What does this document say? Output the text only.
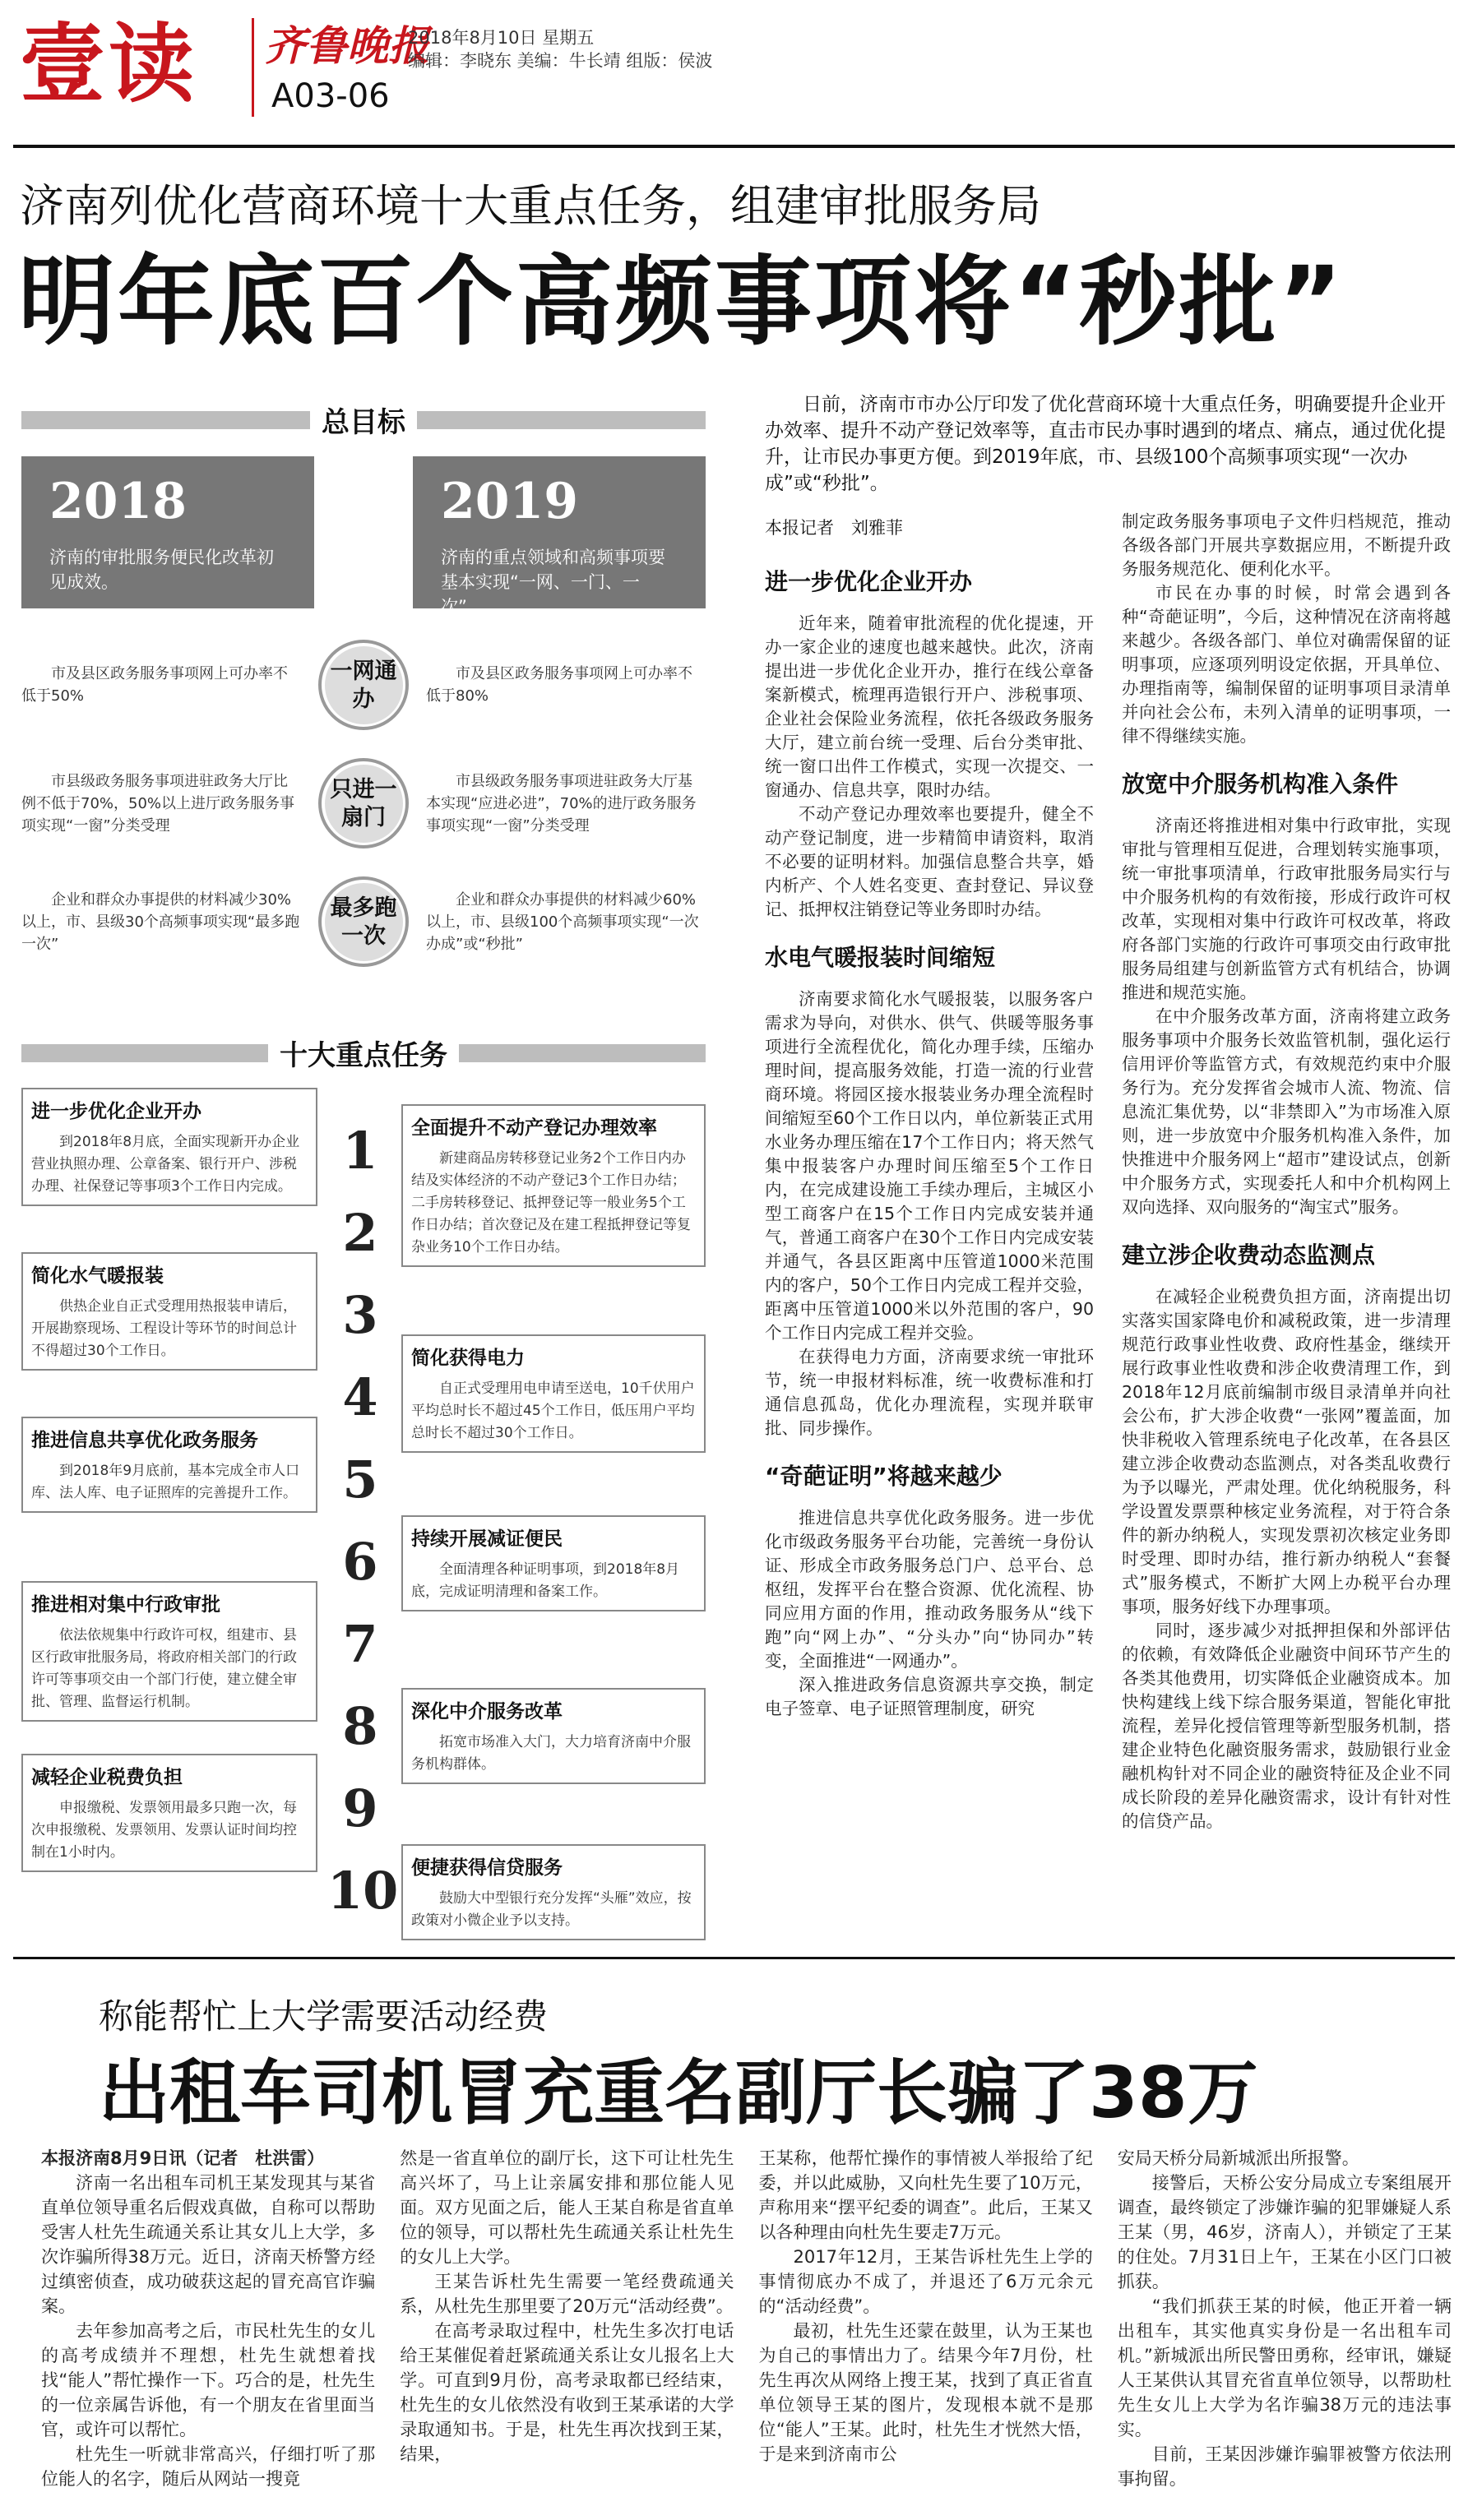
壹读 齐鲁晚报
2018年8月10日 星期五
编辑：李晓东 美编：牛长靖 组版：侯波
A03-06
济南列优化营商环境十大重点任务，组建审批服务局
明年底百个高频事项将“秒批”
总目标
2018
济南的审批服务便民化改革初见成效。
2019
济南的重点领域和高频事项要基本实现“一网、一门、一次”。
市及县区政务服务事项网上可办率不低于50%
一网通办
市及县区政务服务事项网上可办率不低于80%
市县级政务服务事项进驻政务大厅比例不低于70%，50%以上进厅政务服务事项实现“一窗”分类受理
只进一扇门
市县级政务服务事项进驻政务大厅基本实现“应进必进”，70%的进厅政务服务事项实现“一窗”分类受理
企业和群众办事提供的材料减少30%以上，市、县级30个高频事项实现“最多跑一次”
最多跑一次
企业和群众办事提供的材料减少60%以上，市、县级100个高频事项实现“一次办成”或“秒批”
十大重点任务
1
2
3
4
5
6
7
8
9
10
进一步优化企业开办
到2018年8月底，全面实现新开办企业营业执照办理、公章备案、银行开户、涉税办理、社保登记等事项3个工作日内完成。
简化水气暖报装
供热企业自正式受理用热报装申请后，开展勘察现场、工程设计等环节的时间总计不得超过30个工作日。
推进信息共享优化政务服务
到2018年9月底前，基本完成全市人口库、法人库、电子证照库的完善提升工作。
推进相对集中行政审批
依法依规集中行政许可权，组建市、县区行政审批服务局，将政府相关部门的行政许可等事项交由一个部门行使，建立健全审批、管理、监督运行机制。
减轻企业税费负担
申报缴税、发票领用最多只跑一次，每次申报缴税、发票领用、发票认证时间均控制在1小时内。
全面提升不动产登记办理效率
新建商品房转移登记业务2个工作日内办结及实体经济的不动产登记3个工作日办结；二手房转移登记、抵押登记等一般业务5个工作日办结；首次登记及在建工程抵押登记等复杂业务10个工作日办结。
简化获得电力
自正式受理用电申请至送电，10千伏用户平均总时长不超过45个工作日，低压用户平均总时长不超过30个工作日。
持续开展减证便民
全面清理各种证明事项，到2018年8月底，完成证明清理和备案工作。
深化中介服务改革
拓宽市场准入大门，大力培育济南中介服务机构群体。
便捷获得信贷服务
鼓励大中型银行充分发挥“头雁”效应，按政策对小微企业予以支持。
日前，济南市市办公厅印发了优化营商环境十大重点任务，明确要提升企业开办效率、提升不动产登记效率等，直击市民办事时遇到的堵点、痛点，通过优化提升，让市民办事更方便。到2019年底，市、县级100个高频事项实现“一次办成”或“秒批”。
本报记者　刘雅菲
进一步优化企业开办

近年来，随着审批流程的优化提速，开办一家企业的速度也越来越快。此次，济南提出进一步优化企业开办，推行在线公章备案新模式，梳理再造银行开户、涉税事项、企业社会保险业务流程，依托各级政务服务大厅，建立前台统一受理、后台分类审批、统一窗口出件工作模式，实现一次提交、一窗通办、信息共享，限时办结。

不动产登记办理效率也要提升，健全不动产登记制度，进一步精简申请资料，取消不必要的证明材料。加强信息整合共享，婚内析产、个人姓名变更、查封登记、异议登记、抵押权注销登记等业务即时办结。

水电气暖报装时间缩短

济南要求简化水气暖报装，以服务客户需求为导向，对供水、供气、供暖等服务事项进行全流程优化，简化办理手续，压缩办理时间，提高服务效能，打造一流的行业营商环境。将园区接水报装业务办理全流程时间缩短至60个工作日以内，单位新装正式用水业务办理压缩在17个工作日内；将天然气集中报装客户办理时间压缩至5个工作日内，在完成建设施工手续办理后，主城区小型工商客户在15个工作日内完成安装并通气，普通工商客户在30个工作日内完成安装并通气，各县区距离中压管道1000米范围内的客户，50个工作日内完成工程并交验，距离中压管道1000米以外范围的客户，90个工作日内完成工程并交验。

在获得电力方面，济南要求统一审批环节，统一申报材料标准，统一收费标准和打通信息孤岛，优化办理流程，实现并联审批、同步操作。

“奇葩证明”将越来越少

推进信息共享优化政务服务。进一步优化市级政务服务平台功能，完善统一身份认证、形成全市政务服务总门户、总平台、总枢纽，发挥平台在整合资源、优化流程、协同应用方面的作用，推动政务服务从“线下跑”向“网上办”、“分头办”向“协同办”转变，全面推进“一网通办”。

深入推进政务信息资源共享交换，制定电子签章、电子证照管理制度，研究

制定政务服务事项电子文件归档规范，推动各级各部门开展共享数据应用，不断提升政务服务规范化、便利化水平。

市民在办事的时候，时常会遇到各种“奇葩证明”，今后，这种情况在济南将越来越少。各级各部门、单位对确需保留的证明事项，应逐项列明设定依据，开具单位、办理指南等，编制保留的证明事项目录清单并向社会公布，未列入清单的证明事项，一律不得继续实施。

放宽中介服务机构准入条件

济南还将推进相对集中行政审批，实现审批与管理相互促进，合理划转实施事项，统一审批事项清单，行政审批服务局实行与中介服务机构的有效衔接，形成行政许可权改革，实现相对集中行政许可权改革，将政府各部门实施的行政许可事项交由行政审批服务局组建与创新监管方式有机结合，协调推进和规范实施。

在中介服务改革方面，济南将建立政务服务事项中介服务长效监管机制，强化运行信用评价等监管方式，有效规范约束中介服务行为。充分发挥省会城市人流、物流、信息流汇集优势，以“非禁即入”为市场准入原则，进一步放宽中介服务机构准入条件，加快推进中介服务网上“超市”建设试点，创新中介服务方式，实现委托人和中介机构网上双向选择、双向服务的“淘宝式”服务。

建立涉企收费动态监测点

在减轻企业税费负担方面，济南提出切实落实国家降电价和减税政策，进一步清理规范行政事业性收费、政府性基金，继续开展行政事业性收费和涉企收费清理工作，到2018年12月底前编制市级目录清单并向社会公布，扩大涉企收费“一张网”覆盖面，加快非税收入管理系统电子化改革，在各县区建立涉企收费动态监测点，对各类乱收费行为予以曝光，严肃处理。优化纳税服务，科学设置发票票种核定业务流程，对于符合条件的新办纳税人，实现发票初次核定业务即时受理、即时办结，推行新办纳税人“套餐式”服务模式，不断扩大网上办税平台办理事项，服务好线下办理事项。

同时，逐步减少对抵押担保和外部评估的依赖，有效降低企业融资中间环节产生的各类其他费用，切实降低企业融资成本。加快构建线上线下综合服务渠道，智能化审批流程，差异化授信管理等新型服务机制，搭建企业特色化融资服务需求，鼓励银行业金融机构针对不同企业的融资特征及企业不同成长阶段的差异化融资需求，设计有针对性的信贷产品。

称能帮忙上大学需要活动经费
出租车司机冒充重名副厅长骗了38万

本报济南8月9日讯（记者　杜洪雷）

济南一名出租车司机王某发现其与某省直单位领导重名后假戏真做，自称可以帮助受害人杜先生疏通关系让其女儿上大学，多次诈骗所得38万元。近日，济南天桥警方经过缜密侦查，成功破获这起的冒充高官诈骗案。

去年参加高考之后，市民杜先生的女儿的高考成绩并不理想，杜先生就想着找找“能人”帮忙操作一下。巧合的是，杜先生的一位亲属告诉他，有一个朋友在省里面当官，或许可以帮忙。

杜先生一听就非常高兴，仔细打听了那位能人的名字，随后从网站一搜竟

然是一省直单位的副厅长，这下可让杜先生高兴坏了，马上让亲属安排和那位能人见面。双方见面之后，能人王某自称是省直单位的领导，可以帮杜先生疏通关系让杜先生的女儿上大学。

王某告诉杜先生需要一笔经费疏通关系，从杜先生那里要了20万元“活动经费”。

在高考录取过程中，杜先生多次打电话给王某催促着赶紧疏通关系让女儿报名上大学。可直到9月份，高考录取都已经结束，杜先生的女儿依然没有收到王某承诺的大学录取通知书。于是，杜先生再次找到王某，结果，

王某称，他帮忙操作的事情被人举报给了纪委，并以此威胁，又向杜先生要了10万元，声称用来“摆平纪委的调查”。此后，王某又以各种理由向杜先生要走7万元。

2017年12月，王某告诉杜先生上学的事情彻底办不成了，并退还了6万元余元的“活动经费”。

最初，杜先生还蒙在鼓里，认为王某也为自己的事情出力了。结果今年7月份，杜先生再次从网络上搜王某，找到了真正省直单位领导王某的图片，发现根本就不是那位“能人”王某。此时，杜先生才恍然大悟，于是来到济南市公

安局天桥分局新城派出所报警。

接警后，天桥公安分局成立专案组展开调查，最终锁定了涉嫌诈骗的犯罪嫌疑人系王某（男，46岁，济南人），并锁定了王某的住处。7月31日上午，王某在小区门口被抓获。

“我们抓获王某的时候，他正开着一辆出租车，其实他真实身份是一名出租车司机。”新城派出所民警田勇称，经审讯，嫌疑人王某供认其冒充省直单位领导，以帮助杜先生女儿上大学为名诈骗38万元的违法事实。

目前，王某因涉嫌诈骗罪被警方依法刑事拘留。
